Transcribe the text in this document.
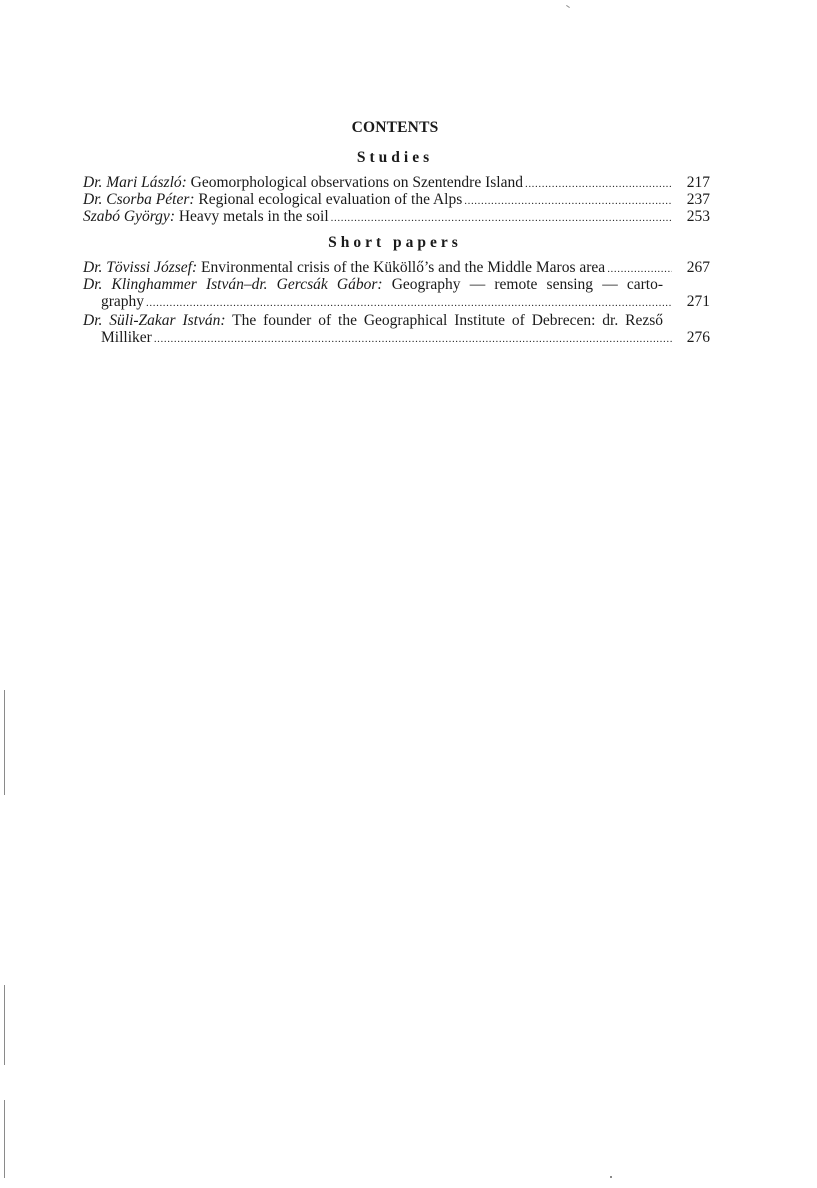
CONTENTS
Studies
Dr. Mari László: Geomorphological observations on Szentendre Island .....	217
Dr. Csorba Péter: Regional ecological evaluation of the Alps .....	237
Szabó György: Heavy metals in the soil .....	253
Short papers
Dr. Tövissi József: Environmental crisis of the Küköllő’s and the Middle Maros area .....	267
Dr. Klinghammer István–dr. Gercsák Gábor: Geography — remote sensing — carto-
graphy .....	271
Dr. Süli-Zakar István: The founder of the Geographical Institute of Debrecen: dr. Rezső
Milliker .....	276
